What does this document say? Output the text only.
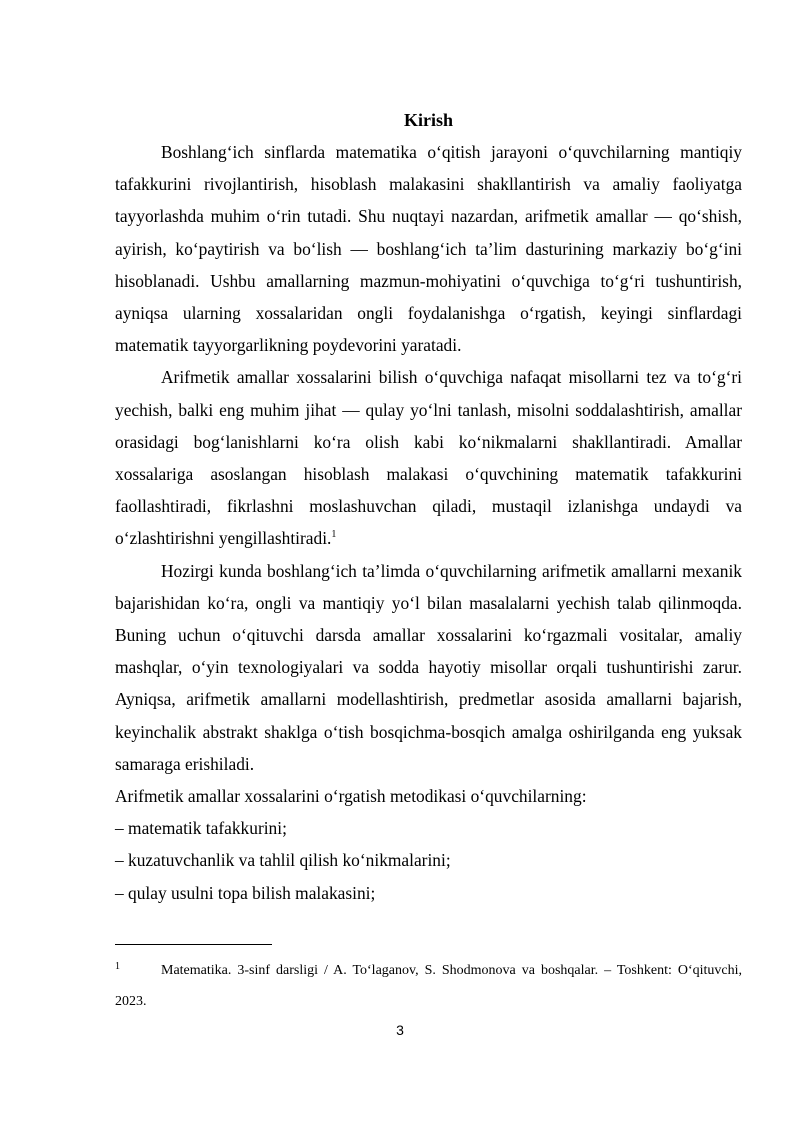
Kirish

Boshlang‘ich sinflarda matematika o‘qitish jarayoni o‘quvchilarning mantiqiy tafakkurini rivojlantirish, hisoblash malakasini shakllantirish va amaliy faoliyatga tayyorlashda muhim o‘rin tutadi. Shu nuqtayi nazardan, arifmetik amallar — qo‘shish, ayirish, ko‘paytirish va bo‘lish — boshlang‘ich ta’lim dasturining markaziy bo‘g‘ini hisoblanadi. Ushbu amallarning mazmun-mohiyatini o‘quvchiga to‘g‘ri tushuntirish, ayniqsa ularning xossalaridan ongli foydalanishga o‘rgatish, keyingi sinflardagi matematik tayyorgarlikning poydevorini yaratadi.

Arifmetik amallar xossalarini bilish o‘quvchiga nafaqat misollarni tez va to‘g‘ri yechish, balki eng muhim jihat — qulay yo‘lni tanlash, misolni soddalashtirish, amallar orasidagi bog‘lanishlarni ko‘ra olish kabi ko‘nikmalarni shakllantiradi. Amallar xossalariga asoslangan hisoblash malakasi o‘quvchining matematik tafakkurini faollashtiradi, fikrlashni moslashuvchan qiladi, mustaqil izlanishga undaydi va o‘zlashtirishni yengillashtiradi.$^1$

Hozirgi kunda boshlang‘ich ta’limda o‘quvchilarning arifmetik amallarni mexanik bajarishidan ko‘ra, ongli va mantiqiy yo‘l bilan masalalarni yechish talab qilinmoqda. Buning uchun o‘qituvchi darsda amallar xossalarini ko‘rgazmali vositalar, amaliy mashqlar, o‘yin texnologiyalari va sodda hayotiy misollar orqali tushuntirishi zarur. Ayniqsa, arifmetik amallarni modellashtirish, predmetlar asosida amallarni bajarish, keyinchalik abstrakt shaklga o‘tish bosqichma-bosqich amalga oshirilganda eng yuksak samaraga erishiladi.

Arifmetik amallar xossalarini o‘rgatish metodikasi o‘quvchilarning:

– matematik tafakkurini;

– kuzatuvchanlik va tahlil qilish ko‘nikmalarini;

– qulay usulni topa bilish malakasini;

1	Matematika. 3-sinf darsligi / A. To‘laganov, S. Shodmonova va boshqalar. – Toshkent: O‘qituvchi, 2023.
3
